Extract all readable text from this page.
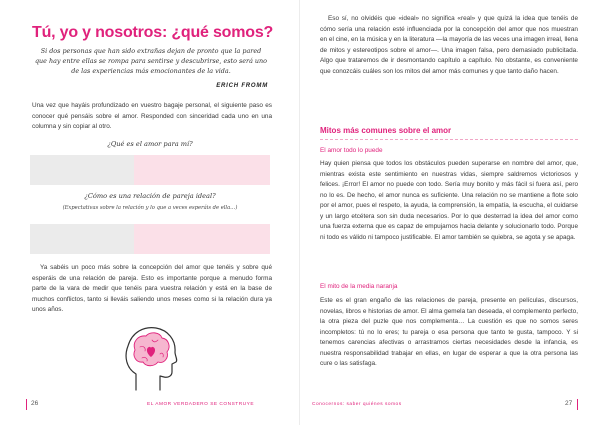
Tú, yo y nosotros: ¿qué somos?
Si dos personas que han sido extrañas dejan de pronto que la pared que hay entre ellas se rompa para sentirse y descubrirse, esto será uno de las experiencias más emocionantes de la vida.
ERICH FROMM
Una vez que hayáis profundizado en vuestro bagaje personal, el siguiente paso es conocer qué pensáis sobre el amor. Responded con sinceridad cada uno en una columna y sin copiar al otro.
¿Qué es el amor para mí?
¿Cómo es una relación de pareja ideal?
(Expectativas sobre la relación y lo que a veces esperáis de ella…)
Ya sabéis un poco más sobre la concepción del amor que tenéis y sobre qué esperáis de una relación de pareja. Esto es importante porque a menudo forma parte de la vara de medir que tenéis para vuestra relación y está en la base de muchos conflictos, tanto si lleváis saliendo unos meses como si la relación dura ya unos años.
26	EL AMOR VERDADERO SE CONSTRUYE
Eso sí, no olvidéis que «ideal» no significa «real» y que quizá la idea que tenéis de cómo sería una relación esté influenciada por la concepción del amor que nos muestran en el cine, en la música y en la literatura —la mayoría de las veces una imagen irreal, llena de mitos y estereotipos sobre el amor—. Una imagen falsa, pero demasiado publicitada. Algo que trataremos de ir desmontando capítulo a capítulo. No obstante, es conveniente que conozcáis cuáles son los mitos del amor más comunes y que tanto daño hacen.
Mitos más comunes sobre el amor
El amor todo lo puede
Hay quien piensa que todos los obstáculos pueden superarse en nombre del amor, que, mientras exista este sentimiento en nuestras vidas, siempre saldremos victoriosos y felices. ¡Error! El amor no puede con todo. Sería muy bonito y más fácil si fuera así, pero no lo es. De hecho, el amor nunca es suficiente. Una relación no se mantiene a flote solo por el amor, pues el respeto, la ayuda, la comprensión, la empatía, la escucha, el cuidarse y un largo etcétera son sin duda necesarios. Por lo que desterrad la idea del amor como una fuerza externa que es capaz de empujarnos hacia delante y solucionarlo todo. Porque ni todo es válido ni tampoco justificable. El amor también se quiebra, se agota y se apaga.
El mito de la media naranja
Este es el gran engaño de las relaciones de pareja, presente en películas, discursos, novelas, libros e historias de amor. El alma gemela tan deseada, el complemento perfecto, la otra pieza del puzle que nos complementa… La cuestión es que no somos seres incompletos: tú no lo eres; tu pareja o esa persona que tanto te gusta, tampoco. Y si tenemos carencias afectivas o arrastramos ciertas necesidades desde la infancia, es nuestra responsabilidad trabajar en ellas, en lugar de esperar a que la otra persona las cure o las satisfaga.
Conocernos: saber quiénes somos	27
